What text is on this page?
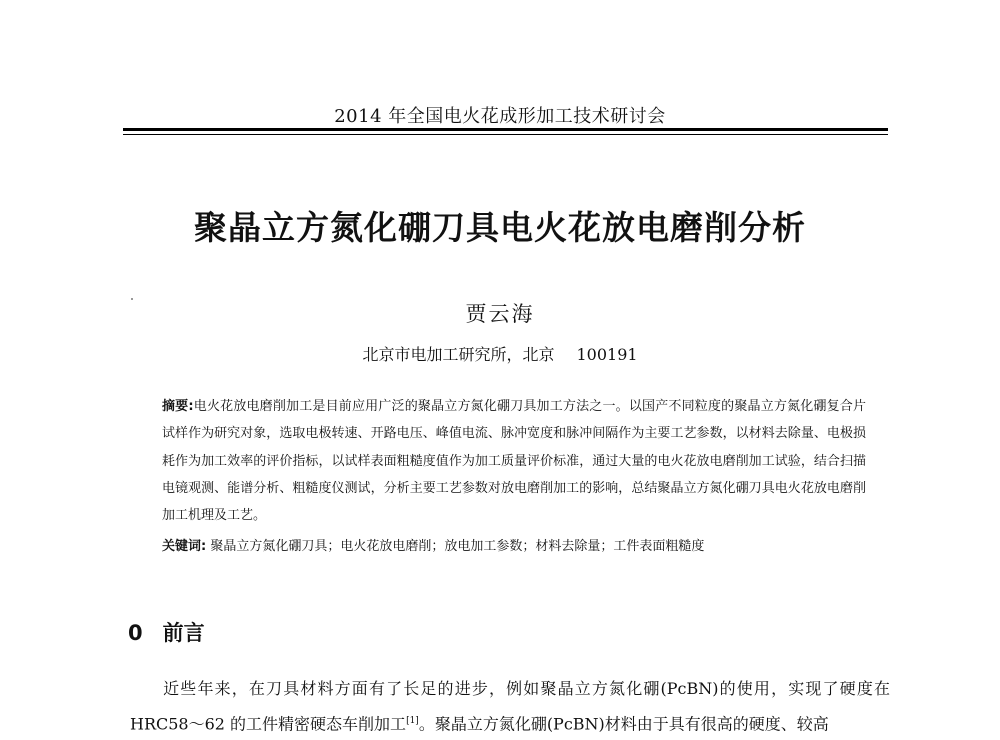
2014 年全国电火花成形加工技术研讨会
聚晶立方氮化硼刀具电火花放电磨削分析
贾云海
北京市电加工研究所，北京 100191
摘要:电火花放电磨削加工是目前应用广泛的聚晶立方氮化硼刀具加工方法之一。以国产不同粒度的聚晶立方氮化硼复合片试样作为研究对象，选取电极转速、开路电压、峰值电流、脉冲宽度和脉冲间隔作为主要工艺参数，以材料去除量、电极损耗作为加工效率的评价指标，以试样表面粗糙度值作为加工质量评价标准，通过大量的电火花放电磨削加工试验，结合扫描电镜观测、能谱分析、粗糙度仪测试，分析主要工艺参数对放电磨削加工的影响，总结聚晶立方氮化硼刀具电火花放电磨削加工机理及工艺。
关键词: 聚晶立方氮化硼刀具；电火花放电磨削；放电加工参数；材料去除量；工件表面粗糙度
0 前言
近些年来，在刀具材料方面有了长足的进步，例如聚晶立方氮化硼(PcBN)的使用，实现了硬度在 HRC58～62 的工件精密硬态车削加工[1]。聚晶立方氮化硼(PcBN)材料由于具有很高的硬度、较高
